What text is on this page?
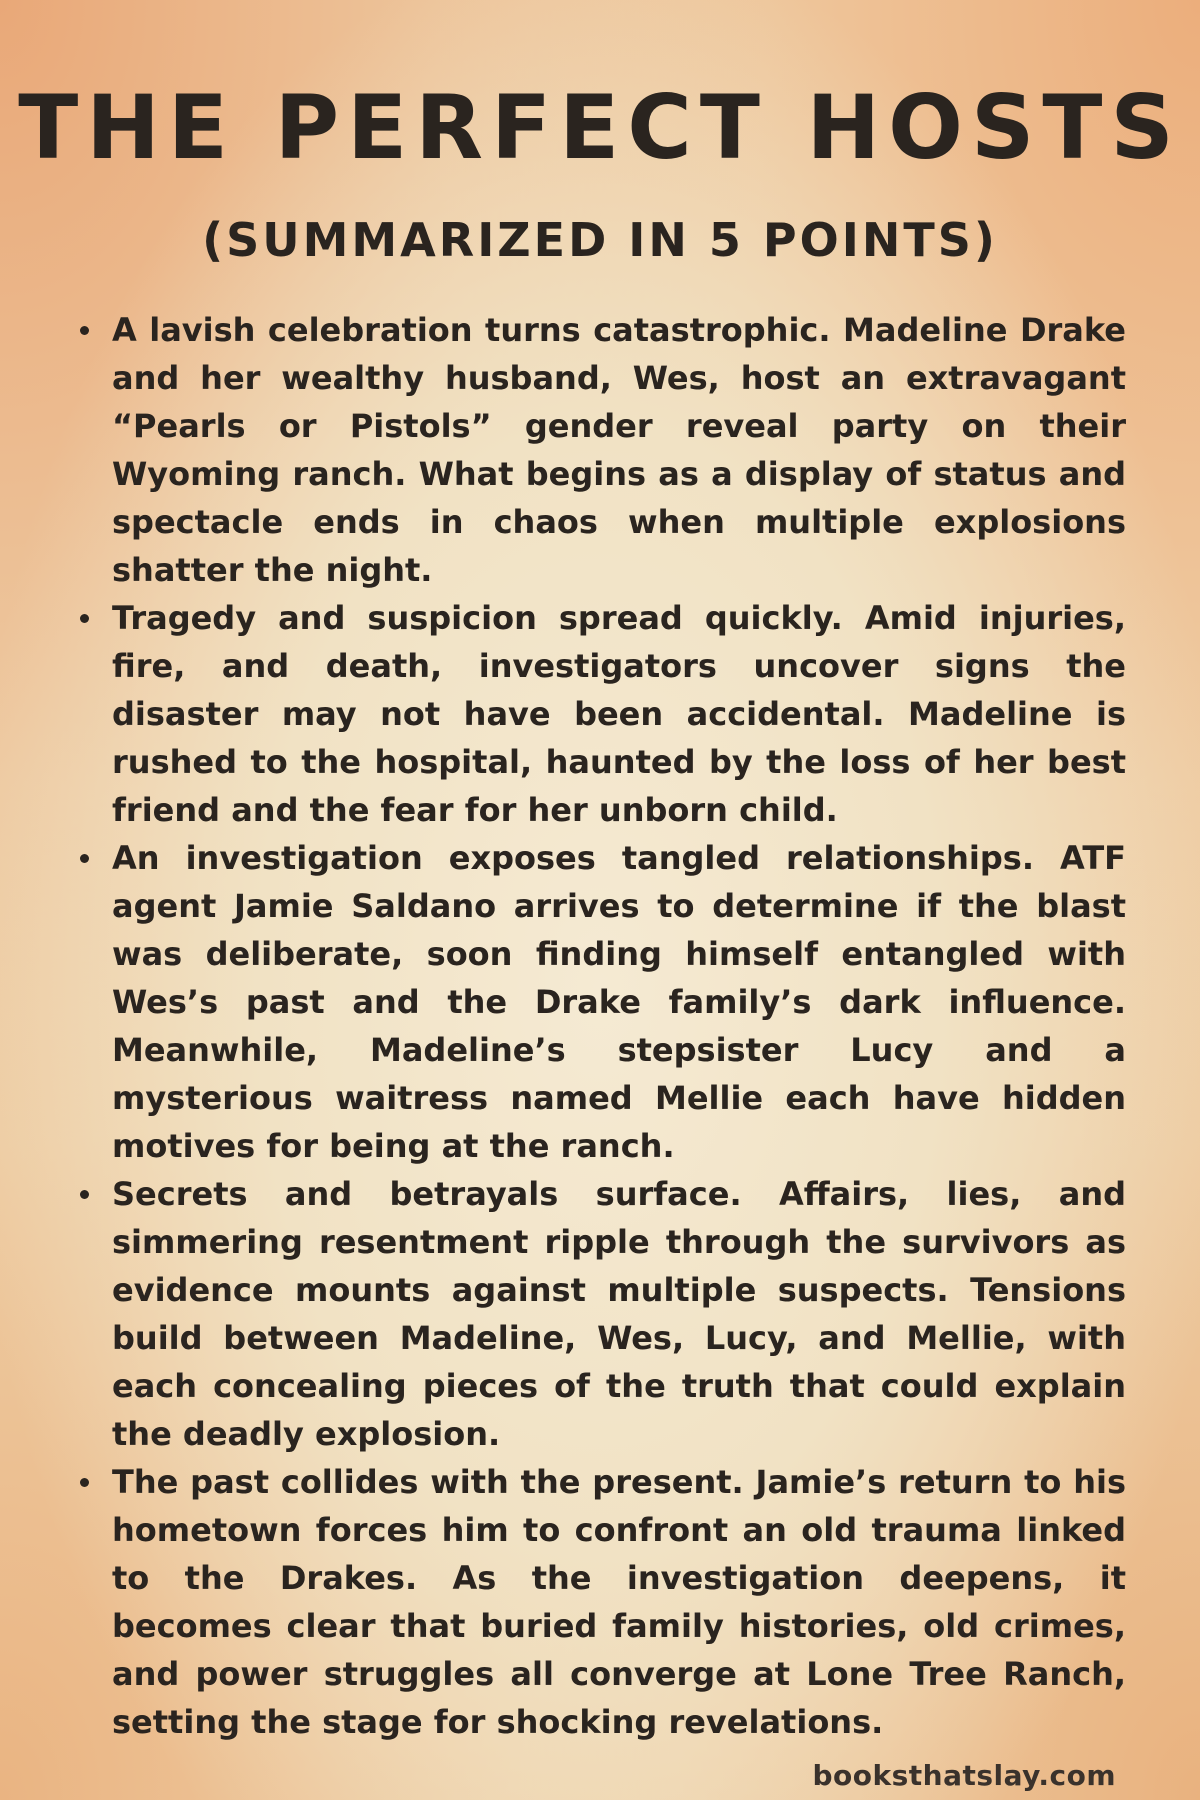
THE PERFECT HOSTS
(SUMMARIZED IN 5 POINTS)
A lavish celebration turns catastrophic. Madeline Drake and her wealthy husband, Wes, host an extravagant “Pearls or Pistols” gender reveal party on their Wyoming ranch. What begins as a display of status and spectacle ends in chaos when multiple explosions shatter the night.
Tragedy and suspicion spread quickly. Amid injuries, fire, and death, investigators uncover signs the disaster may not have been accidental. Madeline is rushed to the hospital, haunted by the loss of her best friend and the fear for her unborn child.
An investigation exposes tangled relationships. ATF agent Jamie Saldano arrives to determine if the blast was deliberate, soon finding himself entangled with Wes’s past and the Drake family’s dark influence. Meanwhile, Madeline’s stepsister Lucy and a mysterious waitress named Mellie each have hidden motives for being at the ranch.
Secrets and betrayals surface. Affairs, lies, and simmering resentment ripple through the survivors as evidence mounts against multiple suspects. Tensions build between Madeline, Wes, Lucy, and Mellie, with each concealing pieces of the truth that could explain the deadly explosion.
The past collides with the present. Jamie’s return to his hometown forces him to confront an old trauma linked to the Drakes. As the investigation deepens, it becomes clear that buried family histories, old crimes, and power struggles all converge at Lone Tree Ranch, setting the stage for shocking revelations.
booksthatslay.com
